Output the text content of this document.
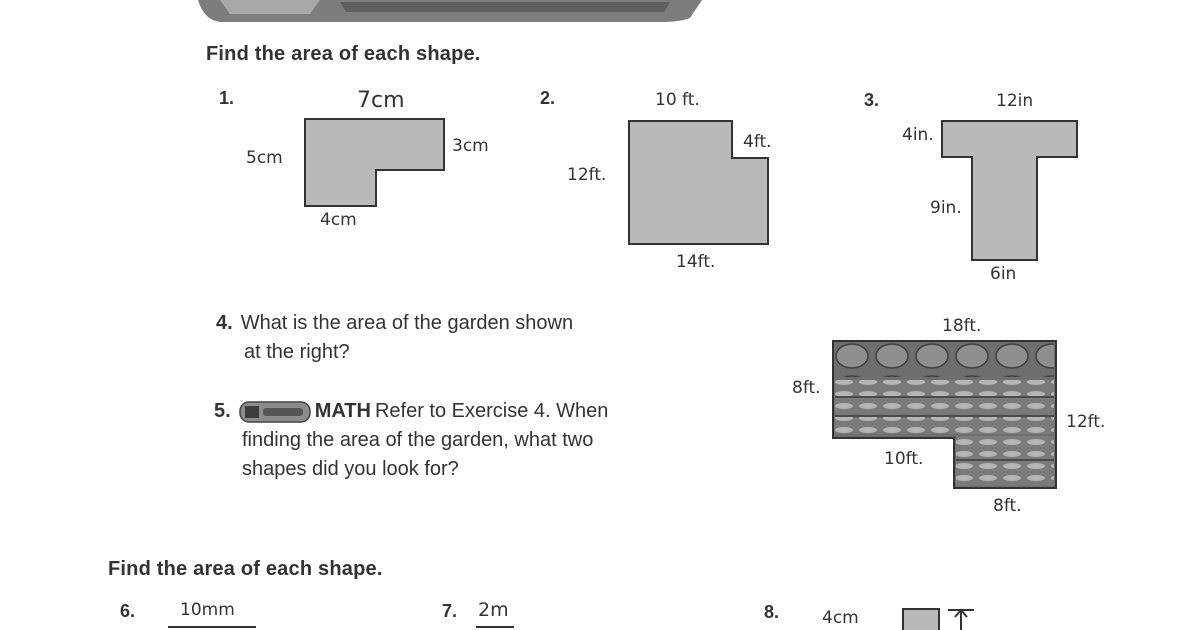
Find the area of each shape.
1.	7cm
5cm
3cm
4cm
2.	10 ft.
4ft.
12ft.
14ft.
3.	12in
4in.
9in.
6in
4. What is the area of the garden shown
at the right?
5.	MATH Refer to Exercise 4. When
finding the area of the garden, what two
shapes did you look for?
18ft.
8ft.
12ft.
10ft.
8ft.
Find the area of each shape.
6.	10mm	7. 2m	8.	4cm
